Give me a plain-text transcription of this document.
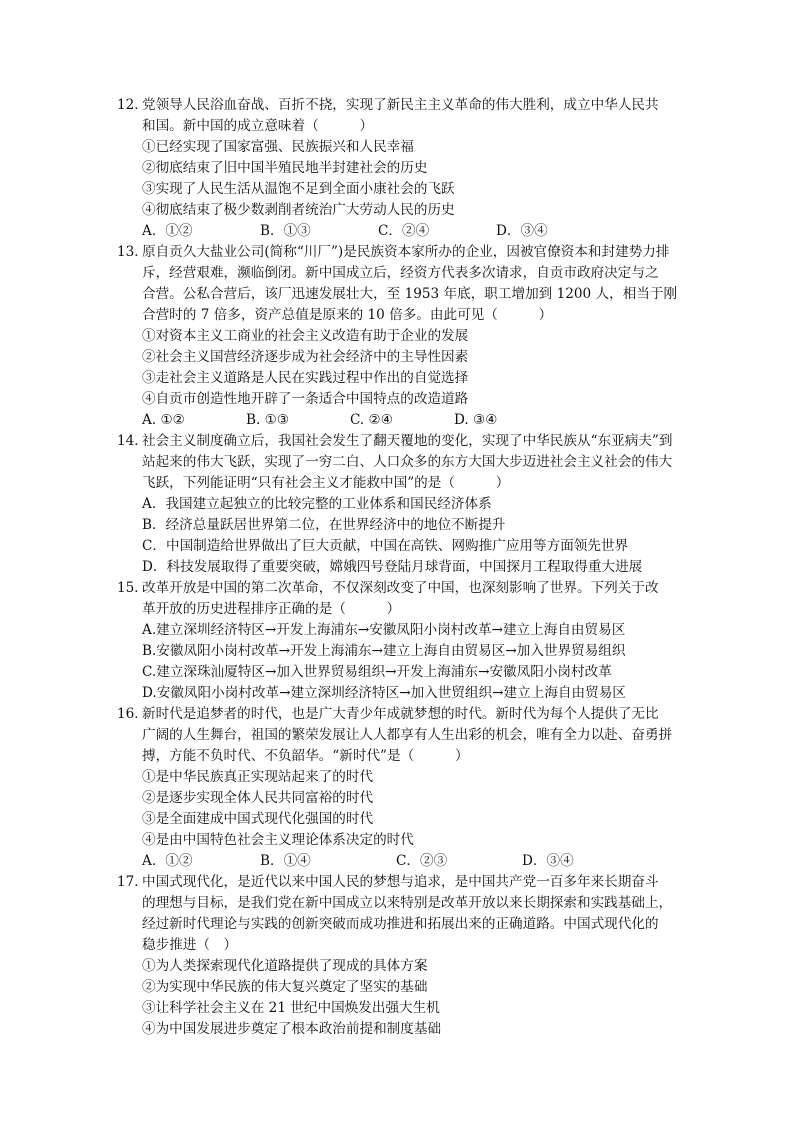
12．
党领导人民浴血奋战、百折不挠，实现了新民主主义革命的伟大胜利，成立中华人民共
和国。新中国的成立意味着（　　　）
①已经实现了国家富强、民族振兴和人民幸福
②彻底结束了旧中国半殖民地半封建社会的历史
③实现了人民生活从温饱不足到全面小康社会的飞跃
④彻底结束了极少数剥削者统治广大劳动人民的历史
A．①②	B．①③	C．②④	D．③④
13．
原自贡久大盐业公司(简称“川厂”)是民族资本家所办的企业，因被官僚资本和封建势力排
斥，经营艰难，濒临倒闭。新中国成立后，经资方代表多次请求，自贡市政府决定与之
合营。公私合营后，该厂迅速发展壮大，至 1953 年底，职工增加到 1200 人，相当于刚
合营时的 7 倍多，资产总值是原来的 10 倍多。由此可见（　　　）
①对资本主义工商业的社会主义改造有助于企业的发展
②社会主义国营经济逐步成为社会经济中的主导性因素
③走社会主义道路是人民在实践过程中作出的自觉选择
④自贡市创造性地开辟了一条适合中国特点的改造道路
A. ①②	B. ①③	C. ②④	D. ③④
14．
社会主义制度确立后，我国社会发生了翻天覆地的变化，实现了中华民族从“东亚病夫”到
站起来的伟大飞跃，实现了一穷二白、人口众多的东方大国大步迈进社会主义社会的伟大
飞跃，下列能证明“只有社会主义才能救中国”的是（　　　）
A．我国建立起独立的比较完整的工业体系和国民经济体系
B．经济总量跃居世界第二位，在世界经济中的地位不断提升
C．中国制造给世界做出了巨大贡献，中国在高铁、网购推广应用等方面领先世界
D．科技发展取得了重要突破，嫦娥四号登陆月球背面，中国探月工程取得重大进展
15．
改革开放是中国的第二次革命，不仅深刻改变了中国，也深刻影响了世界。下列关于改
革开放的历史进程排序正确的是（　　　）
A.建立深圳经济特区→开发上海浦东→安徽凤阳小岗村改革→建立上海自由贸易区
B.安徽凤阳小岗村改革→开发上海浦东→建立上海自由贸易区→加入世界贸易组织
C.建立深珠汕厦特区→加入世界贸易组织→开发上海浦东→安徽凤阳小岗村改革
D.安徽凤阳小岗村改革→建立深圳经济特区→加入世贸组织→建立上海自由贸易区
16．
新时代是追梦者的时代，也是广大青少年成就梦想的时代。新时代为每个人提供了无比
广阔的人生舞台，祖国的繁荣发展让人人都享有人生出彩的机会，唯有全力以赴、奋勇拼
搏，方能不负时代、不负韶华。“新时代”是（　　　）
①是中华民族真正实现站起来了的时代
②是逐步实现全体人民共同富裕的时代
③是全面建成中国式现代化强国的时代
④是由中国特色社会主义理论体系决定的时代
A．①②	B．①④	C．②③	D．③④
17．
中国式现代化，是近代以来中国人民的梦想与追求，是中国共产党一百多年来长期奋斗
的理想与目标，是我们党在新中国成立以来特别是改革开放以来长期探索和实践基础上，
经过新时代理论与实践的创新突破而成功推进和拓展出来的正确道路。中国式现代化的
稳步推进（　）
①为人类探索现代化道路提供了现成的具体方案
②为实现中华民族的伟大复兴奠定了坚实的基础
③让科学社会主义在 21 世纪中国焕发出强大生机
④为中国发展进步奠定了根本政治前提和制度基础
